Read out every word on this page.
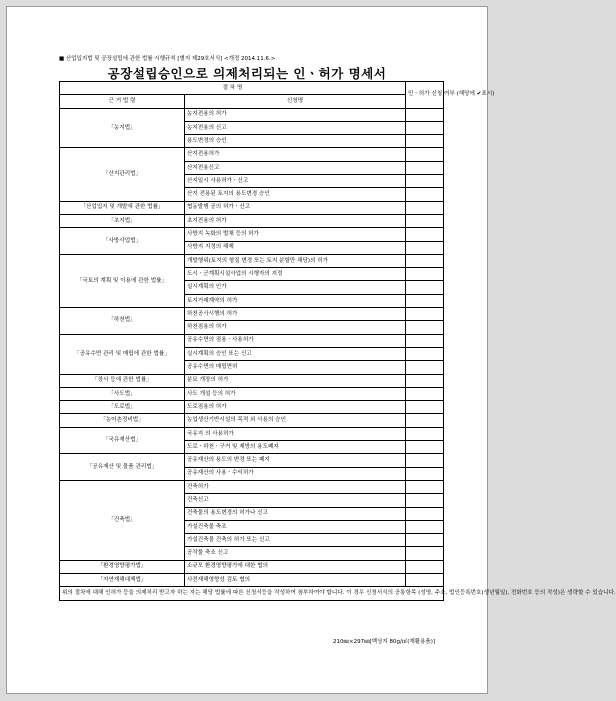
■ 산업입지법 및 공장설립에 관한 법률 시행규칙 [별지 제29호서식] <개정 2014.11.6.>
공장설립승인으로 의제처리되는 인ㆍ허가 명세서
절 차 명		민ㆍ허가 신청 여부 (해당에 ✔표시)
근 거 법 령	신청명	
「농지법」	농지전용의 허가	
	농지전용의 신고	
	용도변경의 승인	
「산지관리법」	산지전용허가	
	산지전용신고	
	산지일시 사용허가ㆍ신고	
	산지 전용된 토지의 용도변경 승인	
「산업입지 및 개발에 관한 법률」	협동발행 공의 허가ㆍ신고	
「초지법」	초지전용의 허가	
「사방사업법」	사방지 녹화의 벌채 등의 허가	
	사방지 지정의 해제	
「국토의 계획 및 이용에 관한 법률」	개발행위(토지의 형질 변경 또는 토지 분할만 해당)의 허가	
	도시ㆍ군계획시설사업의 시행자의 지정	
	실시계획의 인가	
	토지거래계약의 허가	
「하천법」	하천공사시행의 허가	
	하천점용의 허가	
「공유수면 관리 및 매립에 관한 법률」	공유수면의 점용ㆍ사용허가	
	실시계획의 승인 또는 신고	
	공유수면의 매립면허	
「장사 등에 관한 법률」	분묘 개장의 허가	
「사도법」	사도 개설 등의 허가	
「도로법」	도로점용의 허가	
「농어촌정비법」	농업생산기반시설의 목적 외 사용의 승인	
「국유재산법」	국유지 의 사용허가	
	도로ㆍ하천ㆍ구거 및 제방의 용도폐지	
「공유재산 및 물품 관리법」	공유재산의 용도의 변경 또는 폐지	
	공유재산의 사용ㆍ수익허가	
「건축법」	건축허가	
	건축신고	
	건축물의 용도변경의 허가나 신고	
	가설건축물 축조	
	가설건축물 건축의 허가 또는 신고	
	공작물 축조 신고	
「환경영향평가법」	소규모 환경영향평가에 대한 협의	
「자연재해대책법」	사전재해영향성 검토 협의	
위의 절차에 대해 인허가 등을 의제처리 받고자 하는 자는 해당 법률에 따른 신청서등을 작성하여 첨부하여야 합니다. 이 경우 신청서식의 공통항목 (성명, 주소, 법인등록번호(생년월일), 전화번호 등의 작성)은 생략할 수 있습니다.		
210㎜×297㎜[백상지 80g/㎡(재활용품)]
